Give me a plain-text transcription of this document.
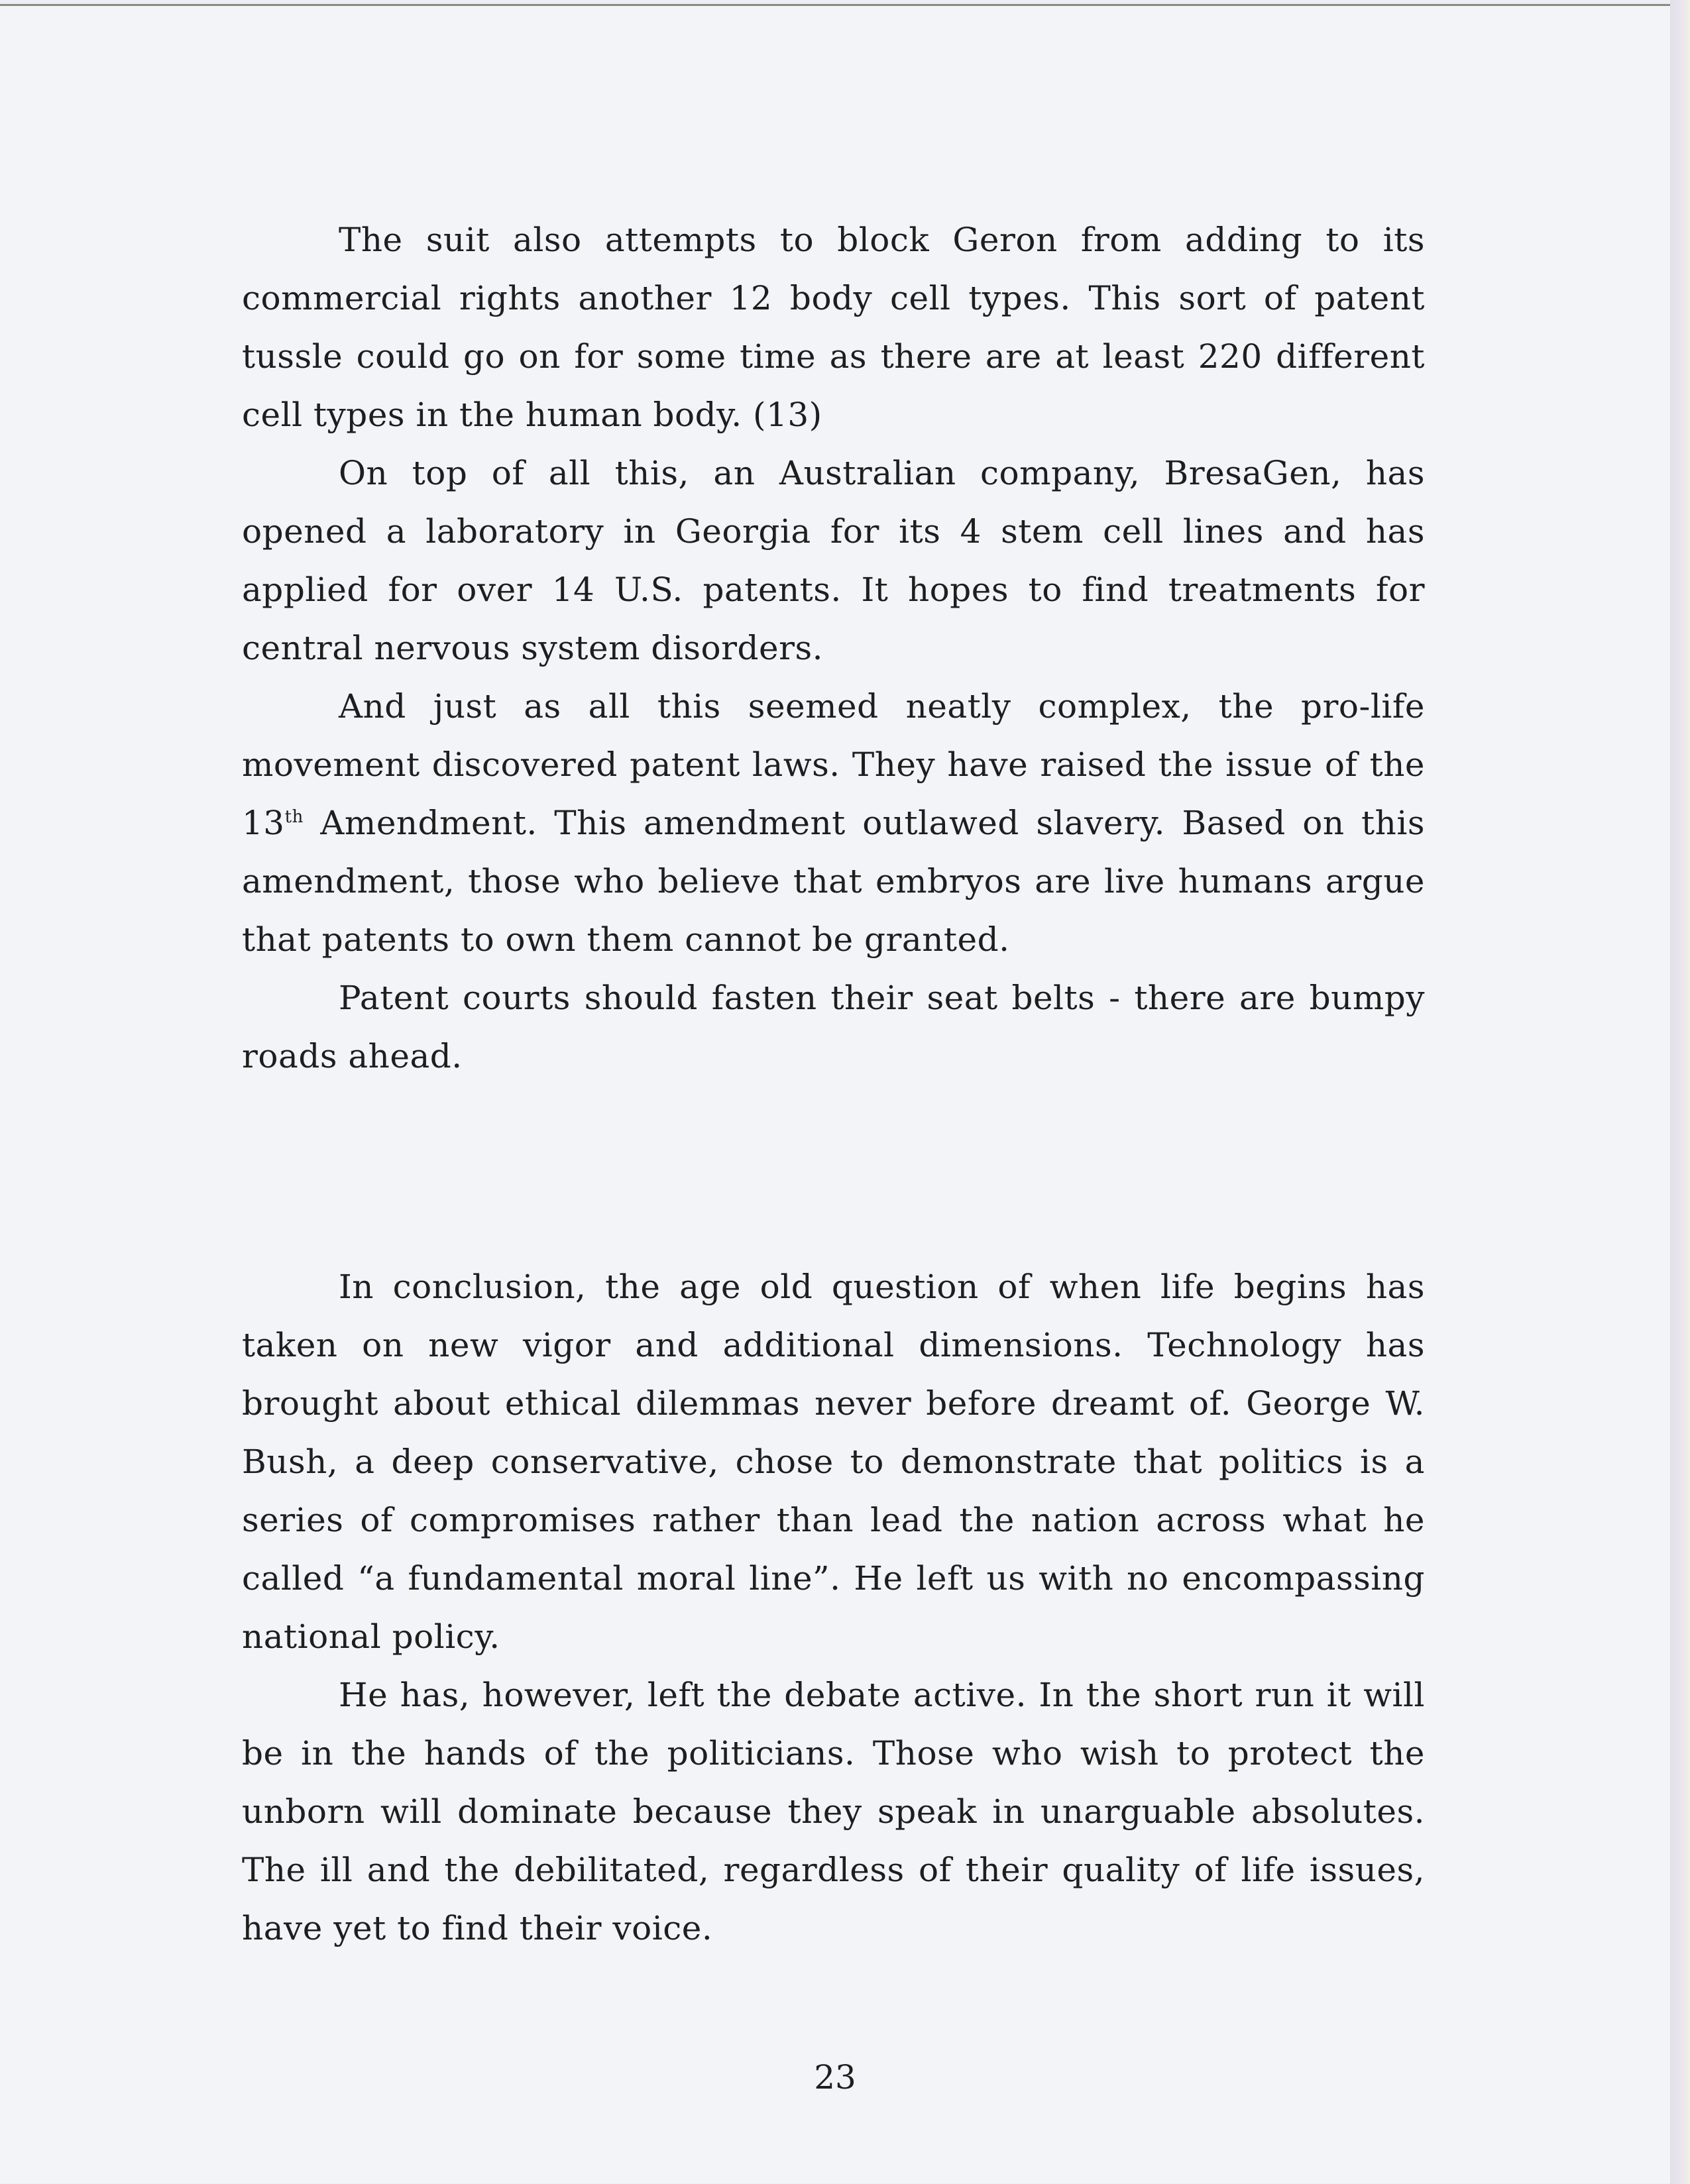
The suit also attempts to block Geron from adding to its commercial rights another 12 body cell types. This sort of patent tussle could go on for some time as there are at least 220 different cell types in the human body. (13)

On top of all this, an Australian company, BresaGen, has opened a laboratory in Georgia for its 4 stem cell lines and has applied for over 14 U.S. patents. It hopes to find treatments for central nervous system disorders.

And just as all this seemed neatly complex, the pro-life movement discovered patent laws. They have raised the issue of the 13th Amendment. This amendment outlawed slavery. Based on this amendment, those who believe that embryos are live humans argue that patents to own them cannot be granted.

Patent courts should fasten their seat belts - there are bumpy roads ahead.

In conclusion, the age old question of when life begins has taken on new vigor and additional dimensions. Technology has brought about ethical dilemmas never before dreamt of. George W. Bush, a deep conservative, chose to demonstrate that politics is a series of compromises rather than lead the nation across what he called “a fundamental moral line”. He left us with no encompassing national policy.

He has, however, left the debate active. In the short run it will be in the hands of the politicians. Those who wish to protect the unborn will dominate because they speak in unarguable absolutes. The ill and the debilitated, regardless of their quality of life issues, have yet to find their voice.

23
